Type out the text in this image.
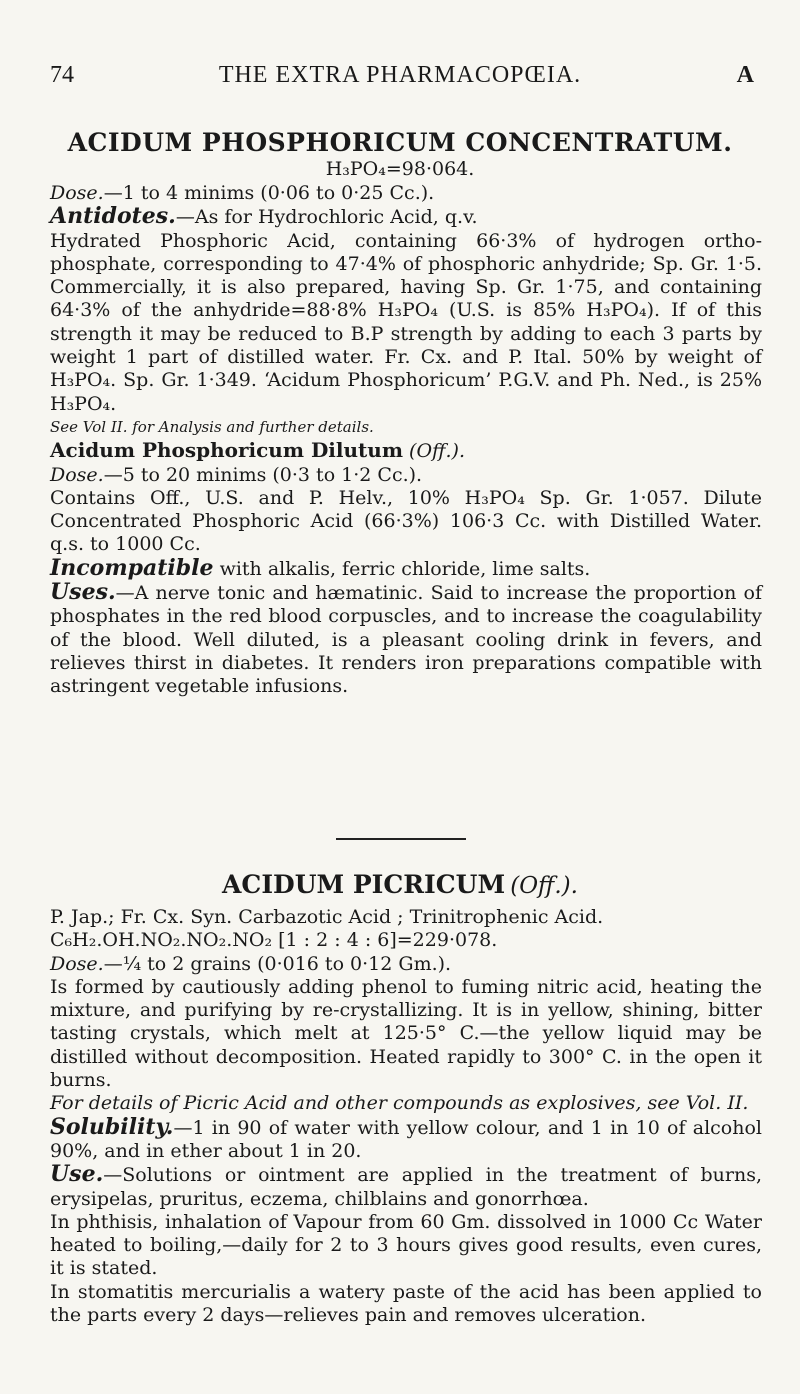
74	THE EXTRA PHARMACOPŒIA.	A
ACIDUM PHOSPHORICUM CONCENTRATUM.
H₃PO₄=98·064.

Dose.—1 to 4 minims (0·06 to 0·25 Cc.).

Antidotes.—As for Hydrochloric Acid, q.v.

Hydrated Phosphoric Acid, containing 66·3% of hydrogen ortho-phosphate, corresponding to 47·4% of phosphoric anhydride; Sp. Gr. 1·5. Commercially, it is also prepared, having Sp. Gr. 1·75, and containing 64·3% of the anhydride=88·8% H₃PO₄ (U.S. is 85% H₃PO₄). If of this strength it may be reduced to B.P strength by adding to each 3 parts by weight 1 part of distilled water. Fr. Cx. and P. Ital. 50% by weight of H₃PO₄. Sp. Gr. 1·349. ‘Acidum Phosphoricum’ P.G.V. and Ph. Ned., is 25% H₃PO₄.

See Vol II. for Analysis and further details.

Acidum Phosphoricum Dilutum (Off.).

Dose.—5 to 20 minims (0·3 to 1·2 Cc.).

Contains Off., U.S. and P. Helv., 10% H₃PO₄ Sp. Gr. 1·057. Dilute Concentrated Phosphoric Acid (66·3%) 106·3 Cc. with Distilled Water. q.s. to 1000 Cc.

Incompatible with alkalis, ferric chloride, lime salts.

Uses.—A nerve tonic and hæmatinic. Said to increase the proportion of phosphates in the red blood corpuscles, and to increase the coagulability of the blood. Well diluted, is a pleasant cooling drink in fevers, and relieves thirst in diabetes. It renders iron preparations compatible with astringent vegetable infusions.

ACIDUM PICRICUM (Off.).

P. Jap.; Fr. Cx. Syn. Carbazotic Acid ; Trinitrophenic Acid.

C₆H₂.OH.NO₂.NO₂.NO₂ [1 : 2 : 4 : 6]=229·078.

Dose.—¼ to 2 grains (0·016 to 0·12 Gm.).

Is formed by cautiously adding phenol to fuming nitric acid, heating the mixture, and purifying by re-crystallizing. It is in yellow, shining, bitter tasting crystals, which melt at 125·5° C.—the yellow liquid may be distilled without decomposition. Heated rapidly to 300° C. in the open it burns.

For details of Picric Acid and other compounds as explosives, see Vol. II.

Solubility.—1 in 90 of water with yellow colour, and 1 in 10 of alcohol 90%, and in ether about 1 in 20.

Use.—Solutions or ointment are applied in the treatment of burns, erysipelas, pruritus, eczema, chilblains and gonorrhœa.

In phthisis, inhalation of Vapour from 60 Gm. dissolved in 1000 Cc Water heated to boiling,—daily for 2 to 3 hours gives good results, even cures, it is stated.

In stomatitis mercurialis a watery paste of the acid has been applied to the parts every 2 days—relieves pain and removes ulceration.
